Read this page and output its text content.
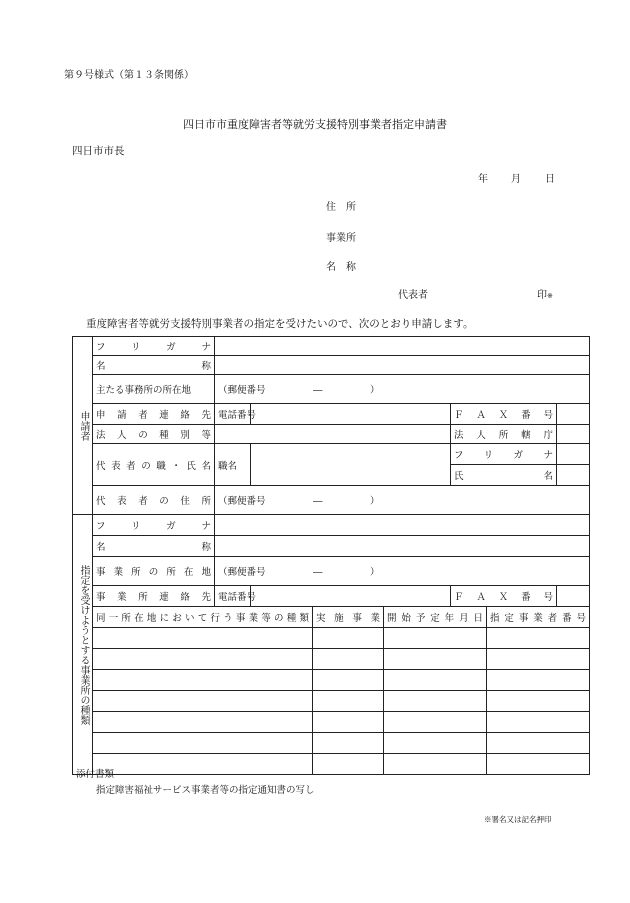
第９号様式（第１３条関係）
四日市市重度障害者等就労支援特別事業者指定申請書
四日市市長
年 月 日
住　所
事業所
名　称
代表者	印※
重度障害者等就労支援特別事業者の指定を受けたいので、次のとおり申請します。
申請者	フリガナ							
	名称							
	主たる事務所の所在地	（郵便番号　　　　　―　　　　　）						
	申請者連絡先	電話番号				ＦＡＸ番号		
	法人の種別等					法人所轄庁		
	代表者の職・氏名	職名				フリガナ		
						氏名		
	代表者の住所	（郵便番号　　　　　―　　　　　）						

指定を受けようとする事業所の種類	フリガナ							
	名称							
	事業所の所在地	（郵便番号　　　　　―　　　　　）						
	事業所連絡先	電話番号				ＦＡＸ番号		
	同一所在地において行う事業等の種類			実施事業	開始予定年月日		指定事業者番号	

添付書類
指定障害福祉サービス事業者等の指定通知書の写し
※署名又は記名押印
